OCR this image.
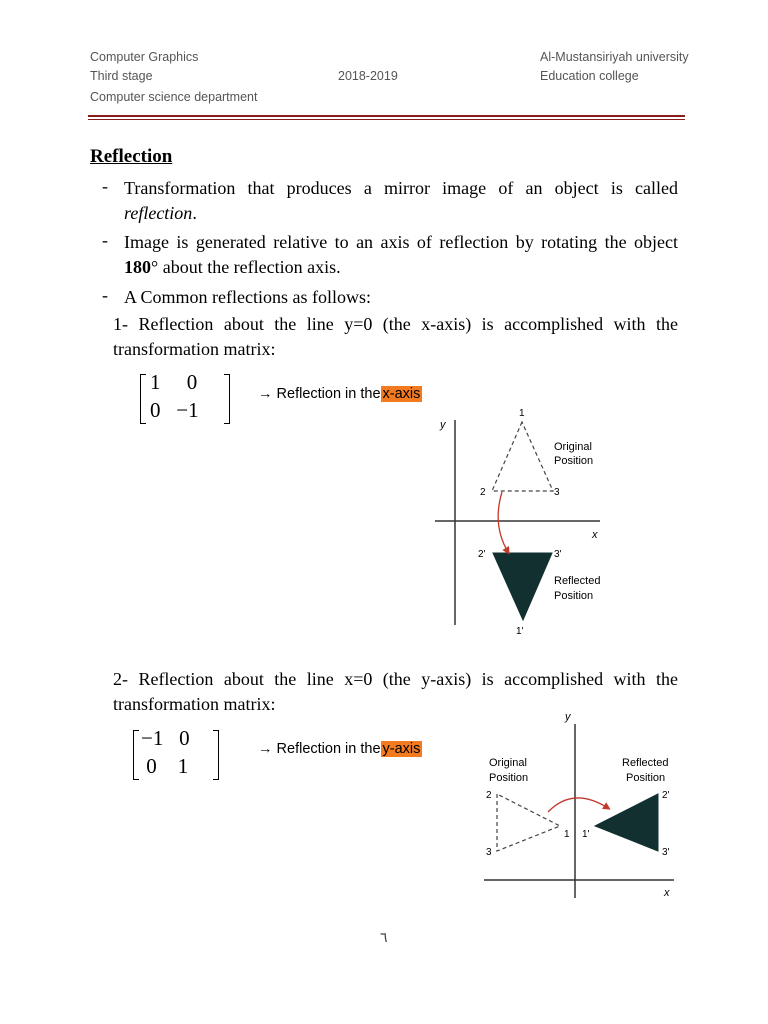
Computer Graphics
Third stage	2018-2019
Al-Mustansiriyah university
Education college
Computer science department
Reflection
- Transformation that produces a mirror image of an object is called reflection.
- Image is generated relative to an axis of reflection by rotating the object 180° about the reflection axis.
- A Common reflections as follows:
1- Reflection about the line y=0 (the x-axis) is accomplished with the transformation matrix:
1     0
0   −1
→ Reflection in the x-axis
y
x
1
2	3
2'	3'
1'
Original
Position
Reflected
Position
2- Reflection about the line x=0 (the y-axis) is accomplished with the transformation matrix:
−1   0
0    1
→ Reflection in the y-axis
y
x
Original
Position
Reflected
Position
2
3
1 1'
2'
3'
٦
